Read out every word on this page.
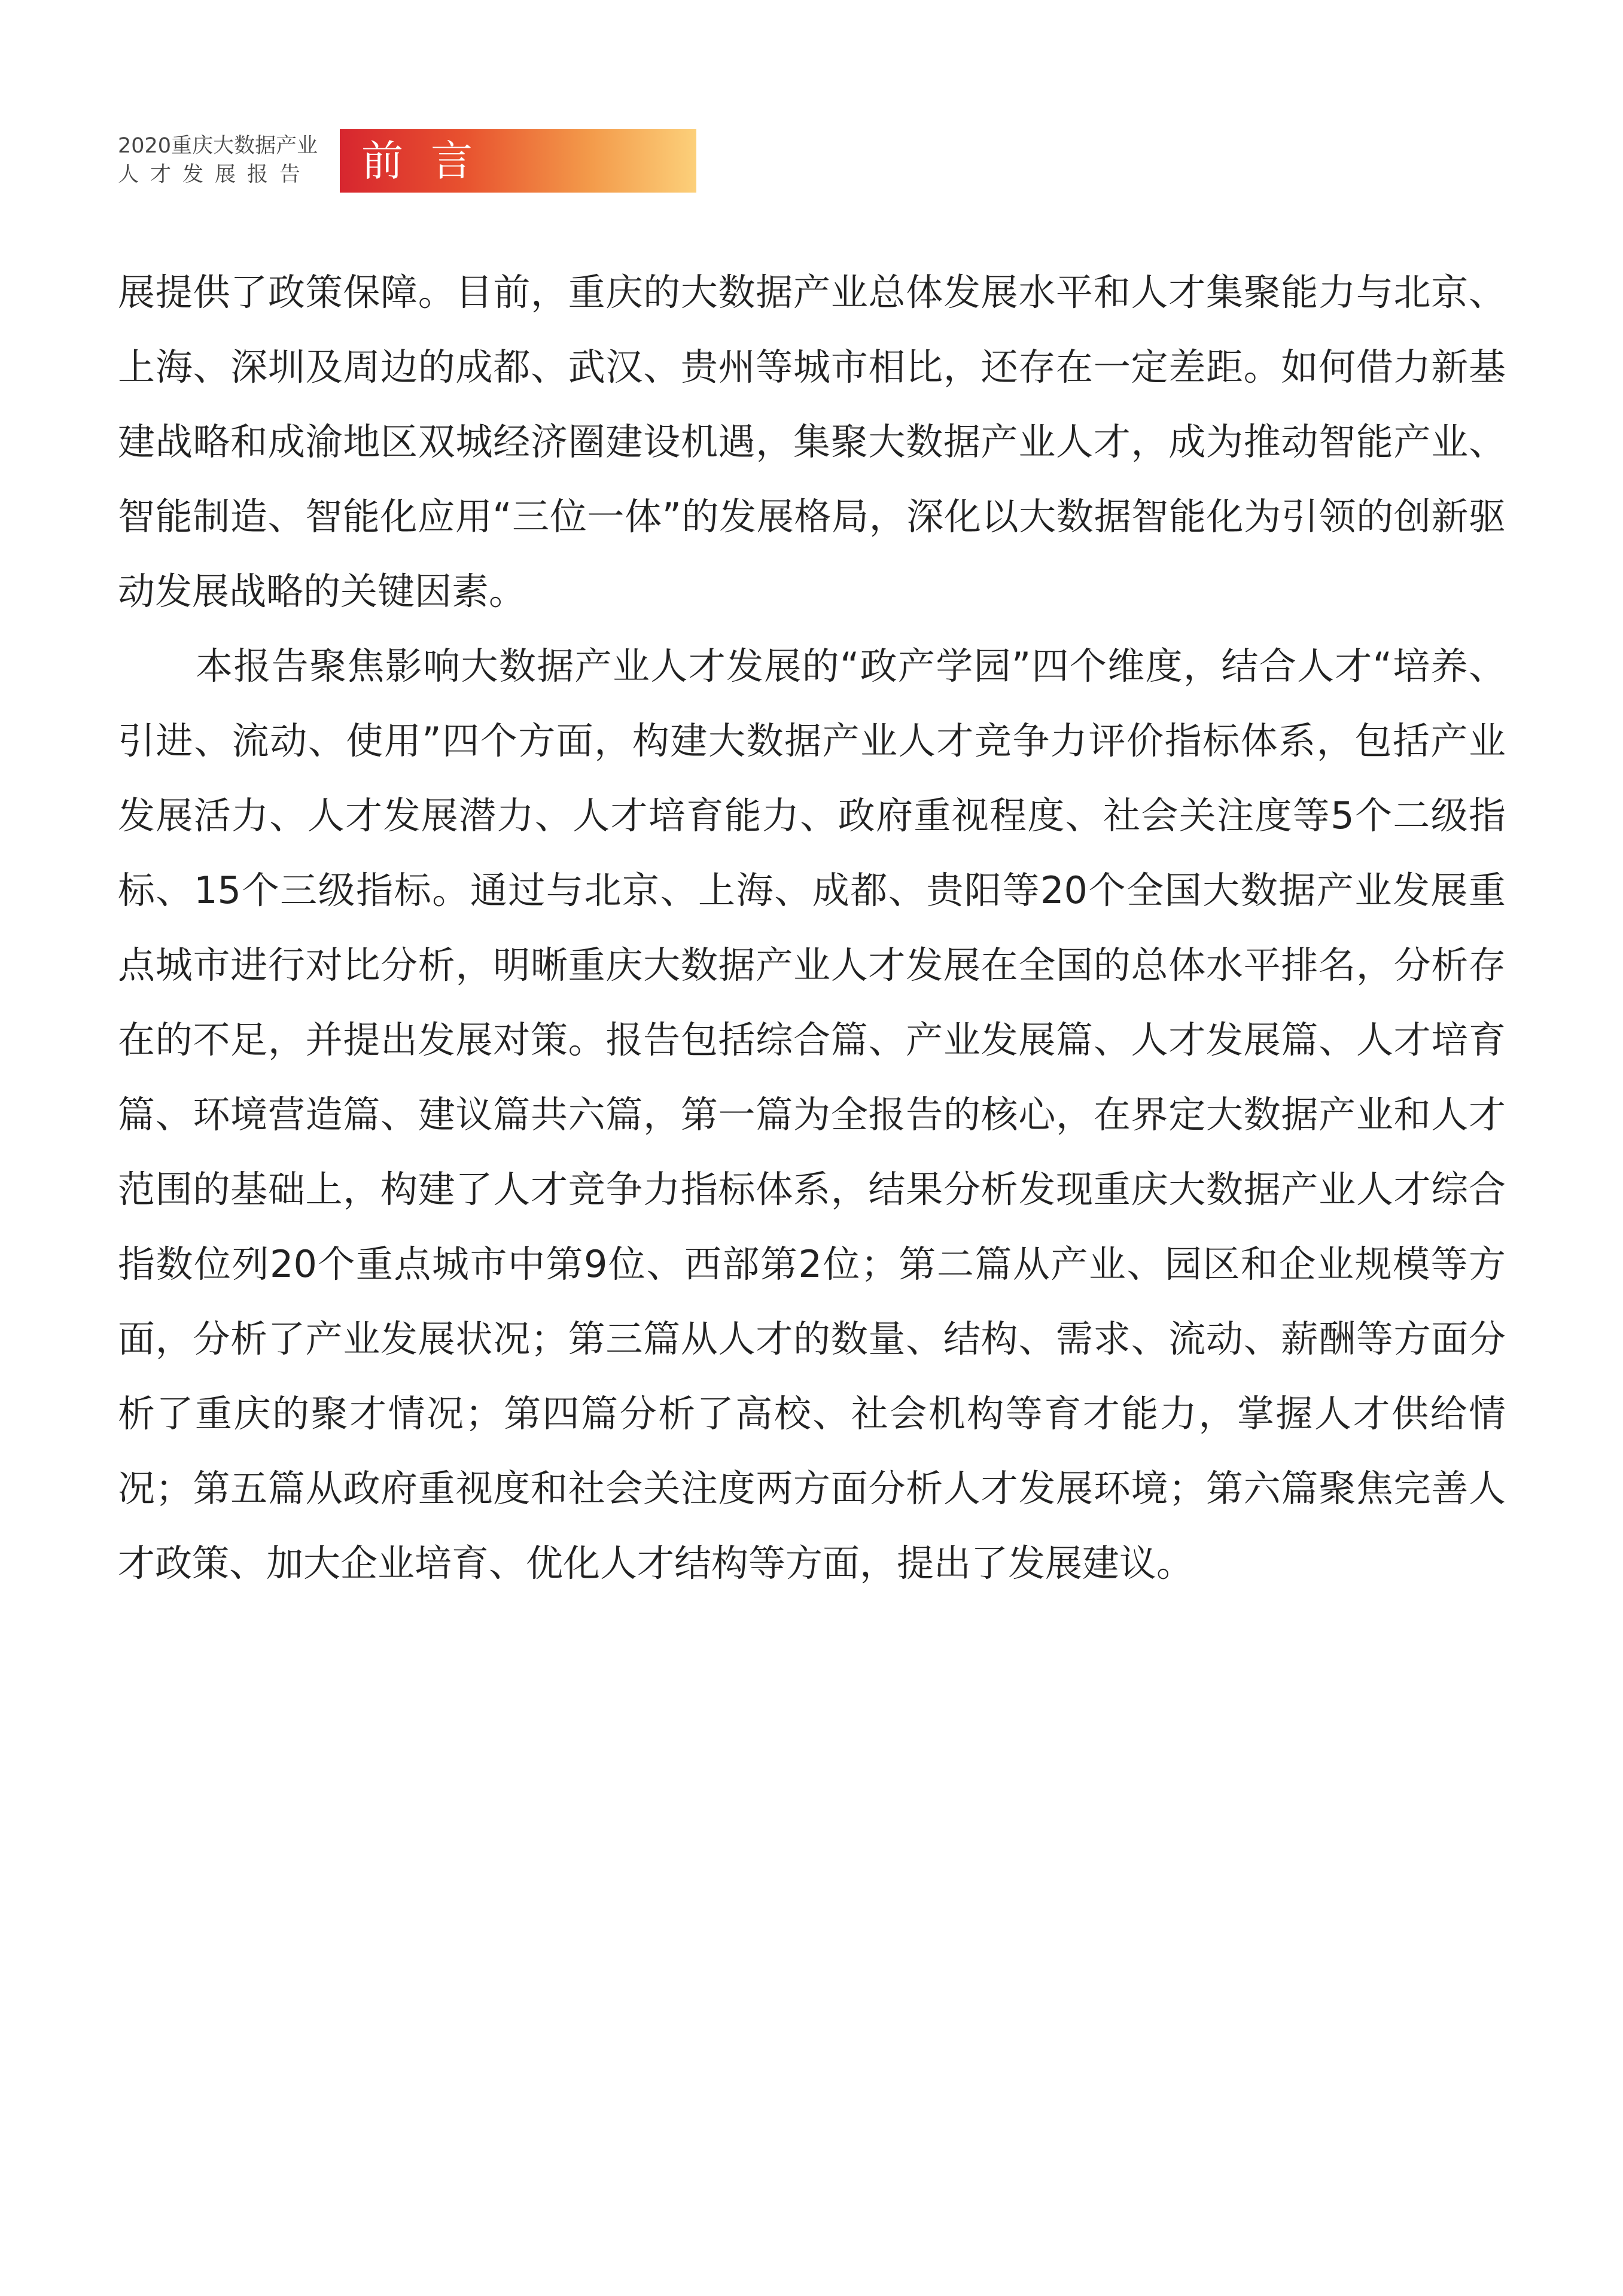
2020重庆大数据产业
人才发展报告 前言

展提供了政策保障。目前，重庆的大数据产业总体发展水平和人才集聚能力与北京、上海、深圳及周边的成都、武汉、贵州等城市相比，还存在一定差距。如何借力新基建战略和成渝地区双城经济圈建设机遇，集聚大数据产业人才，成为推动智能产业、智能制造、智能化应用“三位一体”的发展格局，深化以大数据智能化为引领的创新驱动发展战略的关键因素。

本报告聚焦影响大数据产业人才发展的“政产学园”四个维度，结合人才“培养、引进、流动、使用”四个方面，构建大数据产业人才竞争力评价指标体系，包括产业发展活力、人才发展潜力、人才培育能力、政府重视程度、社会关注度等5个二级指标、15个三级指标。通过与北京、上海、成都、贵阳等20个全国大数据产业发展重点城市进行对比分析，明晰重庆大数据产业人才发展在全国的总体水平排名，分析存在的不足，并提出发展对策。报告包括综合篇、产业发展篇、人才发展篇、人才培育篇、环境营造篇、建议篇共六篇，第一篇为全报告的核心，在界定大数据产业和人才范围的基础上，构建了人才竞争力指标体系，结果分析发现重庆大数据产业人才综合指数位列20个重点城市中第9位、西部第2位；第二篇从产业、园区和企业规模等方面，分析了产业发展状况；第三篇从人才的数量、结构、需求、流动、薪酬等方面分析了重庆的聚才情况；第四篇分析了高校、社会机构等育才能力，掌握人才供给情况；第五篇从政府重视度和社会关注度两方面分析人才发展环境；第六篇聚焦完善人才政策、加大企业培育、优化人才结构等方面，提出了发展建议。
